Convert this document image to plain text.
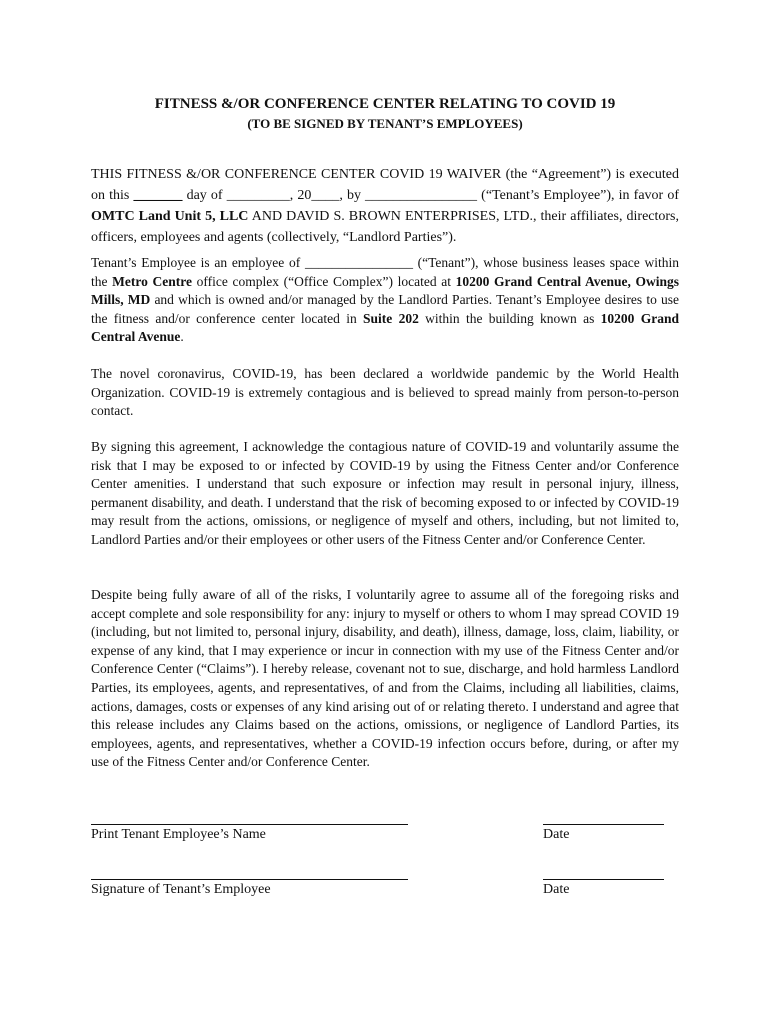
FITNESS &/OR CONFERENCE CENTER RELATING TO COVID 19
(TO BE SIGNED BY TENANT’S EMPLOYEES)

THIS FITNESS &/OR CONFERENCE CENTER COVID 19 WAIVER (the “Agreement”) is executed on this _______ day of _________, 20____, by ________________ (“Tenant’s Employee”), in favor of OMTC Land Unit 5, LLC AND DAVID S. BROWN ENTERPRISES, LTD., their affiliates, directors, officers, employees and agents (collectively, “Landlord Parties”).

Tenant’s Employee is an employee of ________________ (“Tenant”), whose business leases space within the Metro Centre office complex (“Office Complex”) located at 10200 Grand Central Avenue, Owings Mills, MD and which is owned and/or managed by the Landlord Parties. Tenant’s Employee desires to use the fitness and/or conference center located in Suite 202 within the building known as 10200 Grand Central Avenue.

The novel coronavirus, COVID-19, has been declared a worldwide pandemic by the World Health Organization. COVID-19 is extremely contagious and is believed to spread mainly from person-to-person contact.

By signing this agreement, I acknowledge the contagious nature of COVID-19 and voluntarily assume the risk that I may be exposed to or infected by COVID-19 by using the Fitness Center and/or Conference Center amenities. I understand that such exposure or infection may result in personal injury, illness, permanent disability, and death. I understand that the risk of becoming exposed to or infected by COVID-19 may result from the actions, omissions, or negligence of myself and others, including, but not limited to, Landlord Parties and/or their employees or other users of the Fitness Center and/or Conference Center.

Despite being fully aware of all of the risks, I voluntarily agree to assume all of the foregoing risks and accept complete and sole responsibility for any: injury to myself or others to whom I may spread COVID 19 (including, but not limited to, personal injury, disability, and death), illness, damage, loss, claim, liability, or expense of any kind, that I may experience or incur in connection with my use of the Fitness Center and/or Conference Center (“Claims”). I hereby release, covenant not to sue, discharge, and hold harmless Landlord Parties, its employees, agents, and representatives, of and from the Claims, including all liabilities, claims, actions, damages, costs or expenses of any kind arising out of or relating thereto. I understand and agree that this release includes any Claims based on the actions, omissions, or negligence of Landlord Parties, its employees, agents, and representatives, whether a COVID-19 infection occurs before, during, or after my use of the Fitness Center and/or Conference Center.

Print Tenant Employee’s Name	Date

Signature of Tenant’s Employee	Date
